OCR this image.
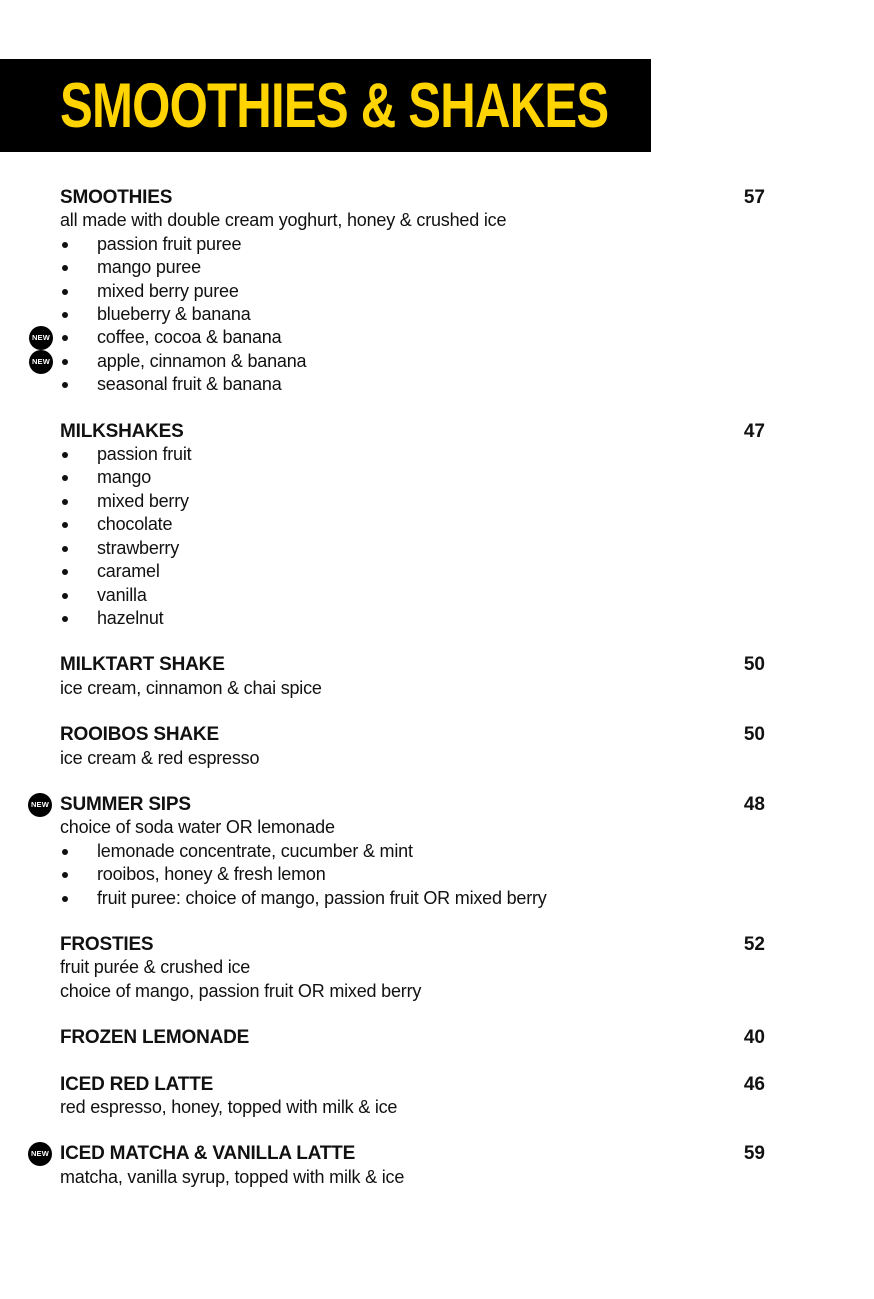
SMOOTHIES & SHAKES
SMOOTHIES	57
all made with double cream yoghurt, honey & crushed ice
passion fruit puree
mango puree
mixed berry puree
blueberry & banana
NEW	coffee, cocoa & banana
NEW	apple, cinnamon & banana
seasonal fruit & banana
MILKSHAKES	47
passion fruit
mango
mixed berry
chocolate
strawberry
caramel
vanilla
hazelnut
MILKTART SHAKE	50
ice cream, cinnamon & chai spice
ROOIBOS SHAKE	50
ice cream & red espresso
NEW SUMMER SIPS	48
choice of soda water OR lemonade
lemonade concentrate, cucumber & mint
rooibos, honey & fresh lemon
fruit puree: choice of mango, passion fruit OR mixed berry
FROSTIES	52
fruit purée & crushed ice
choice of mango, passion fruit OR mixed berry
FROZEN LEMONADE	40
ICED RED LATTE	46
red espresso, honey, topped with milk & ice
NEW ICED MATCHA & VANILLA LATTE	59
matcha, vanilla syrup, topped with milk & ice
